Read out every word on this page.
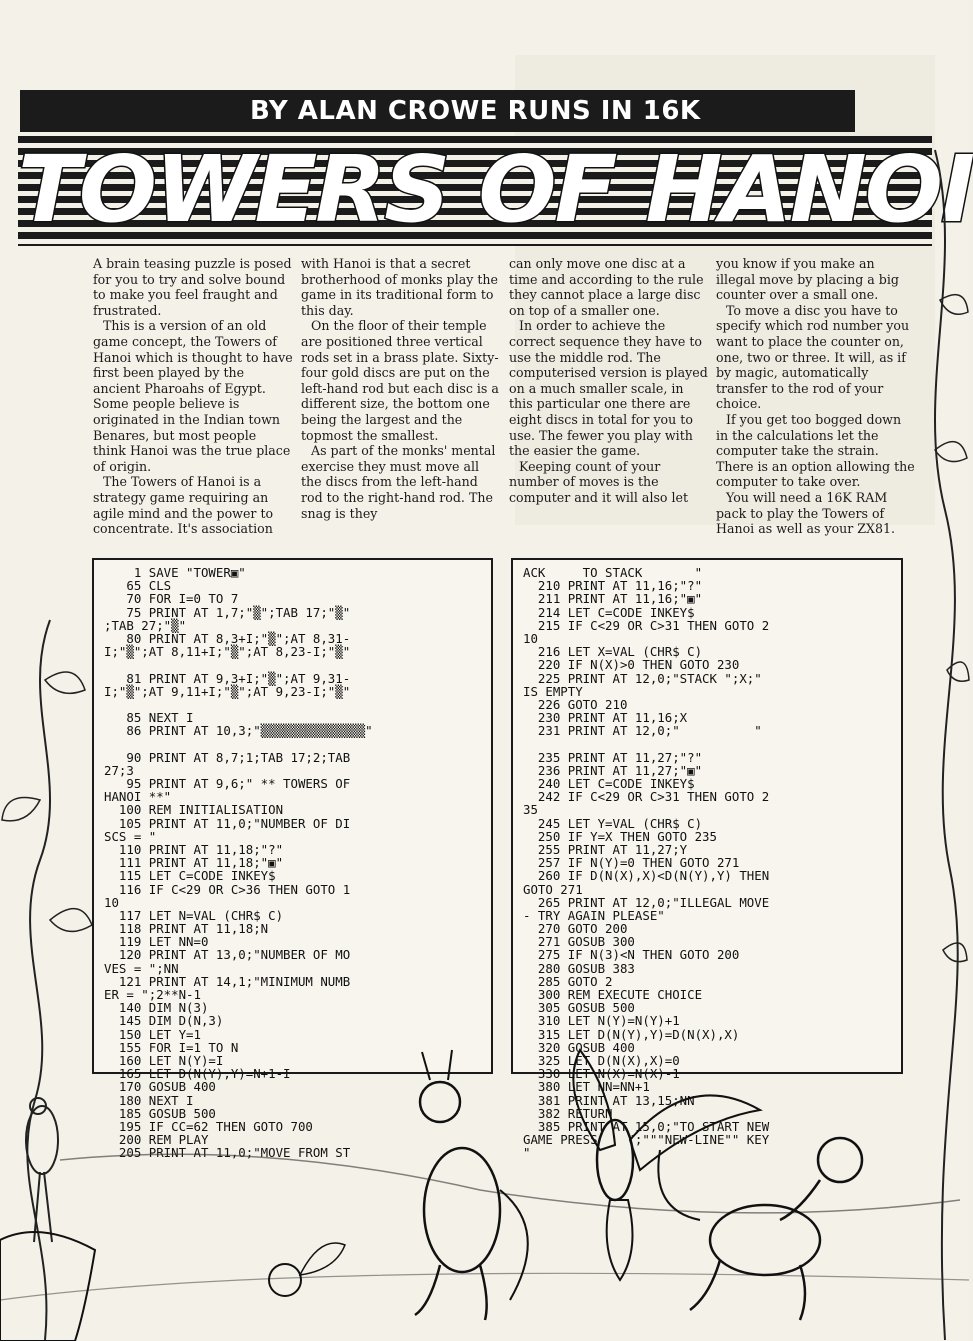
BY ALAN CROWE RUNS IN 16K
TOWERS OF HANOI

A brain teasing puzzle is posed for you to try and solve bound to make you feel fraught and frustrated.

This is a version of an old game concept, the Towers of Hanoi which is thought to have first been played by the ancient Pharoahs of Egypt. Some people believe is originated in the Indian town Benares, but most people think Hanoi was the true place of origin.

The Towers of Hanoi is a strategy game requiring an agile mind and the power to concentrate. It's association

with Hanoi is that a secret brotherhood of monks play the game in its traditional form to this day.

On the floor of their temple are positioned three vertical rods set in a brass plate. Sixty-four gold discs are put on the left-hand rod but each disc is a different size, the bottom one being the largest and the topmost the smallest.

As part of the monks' mental exercise they must move all the discs from the left-hand rod to the right-hand rod. The snag is they

can only move one disc at a time and according to the rule they cannot place a large disc on top of a smaller one.

In order to achieve the correct sequence they have to use the middle rod. The computerised version is played on a much smaller scale, in this particular one there are eight discs in total for you to use. The fewer you play with the easier the game.

Keeping count of your number of moves is the computer and it will also let

you know if you make an illegal move by placing a big counter over a small one.

To move a disc you have to specify which rod number you want to place the counter on, one, two or three. It will, as if by magic, automatically transfer to the rod of your choice.

If you get too bogged down in the calculations let the computer take the strain. There is an option allowing the computer to take over.

You will need a 16K RAM pack to play the Towers of Hanoi as well as your ZX81.

1 SAVE "TOWER▣"
65 CLS
70 FOR I=0 TO 7
75 PRINT AT 1,7;"▒";TAB 17;"▒"
;TAB 27;"▒"
80 PRINT AT 8,3+I;"▒";AT 8,31-
I;"▒";AT 8,11+I;"▒";AT 8,23-I;"▒"
81 PRINT AT 9,3+I;"▒";AT 9,31-
I;"▒";AT 9,11+I;"▒";AT 9,23-I;"▒"
85 NEXT I
86 PRINT AT 10,3;"▒▒▒▒▒▒▒▒▒▒▒▒▒▒"
90 PRINT AT 8,7;1;TAB 17;2;TAB
27;3
95 PRINT AT 9,6;" ** TOWERS OF
HANOI **"
100 REM INITIALISATION
105 PRINT AT 11,0;"NUMBER OF DI
SCS = "
110 PRINT AT 11,18;"?"
111 PRINT AT 11,18;"▣"
115 LET C=CODE INKEY$
116 IF C<29 OR C>36 THEN GOTO 1
10
117 LET N=VAL (CHR$ C)
118 PRINT AT 11,18;N
119 LET NN=0
120 PRINT AT 13,0;"NUMBER OF MO
VES = ";NN
121 PRINT AT 14,1;"MINIMUM NUMB
ER = ";2**N-1
140 DIM N(3)
145 DIM D(N,3)
150 LET Y=1
155 FOR I=1 TO N
160 LET N(Y)=I
165 LET D(N(Y),Y)=N+1-I
170 GOSUB 400
180 NEXT I
185 GOSUB 500
195 IF CC=62 THEN GOTO 700
200 REM PLAY
205 PRINT AT 11,0;"MOVE FROM ST
ACK     TO STACK       "
210 PRINT AT 11,16;"?"
211 PRINT AT 11,16;"▣"
214 LET C=CODE INKEY$
215 IF C<29 OR C>31 THEN GOTO 2
10
216 LET X=VAL (CHR$ C)
220 IF N(X)>0 THEN GOTO 230
225 PRINT AT 12,0;"STACK ";X;"
IS EMPTY
226 GOTO 210
230 PRINT AT 11,16;X
231 PRINT AT 12,0;"          "
235 PRINT AT 11,27;"?"
236 PRINT AT 11,27;"▣"
240 LET C=CODE INKEY$
242 IF C<29 OR C>31 THEN GOTO 2
35
245 LET Y=VAL (CHR$ C)
250 IF Y=X THEN GOTO 235
255 PRINT AT 11,27;Y
257 IF N(Y)=0 THEN GOTO 271
260 IF D(N(X),X)<D(N(Y),Y) THEN
GOTO 271
265 PRINT AT 12,0;"ILLEGAL MOVE
- TRY AGAIN PLEASE"
270 GOTO 200
271 GOSUB 300
275 IF N(3)<N THEN GOTO 200
280 GOSUB 383
285 GOTO 2
300 REM EXECUTE CHOICE
305 GOSUB 500
310 LET N(Y)=N(Y)+1
315 LET D(N(Y),Y)=D(N(X),X)
320 GOSUB 400
325 LET D(N(X),X)=0
330 LET N(X)=N(X)-1
380 LET NN=NN+1
381 PRINT AT 13,15;NN
382 RETURN
385 PRINT AT 15,0;"TO START NEW
GAME PRESS    ";"""NEW-LINE"" KEY
"
